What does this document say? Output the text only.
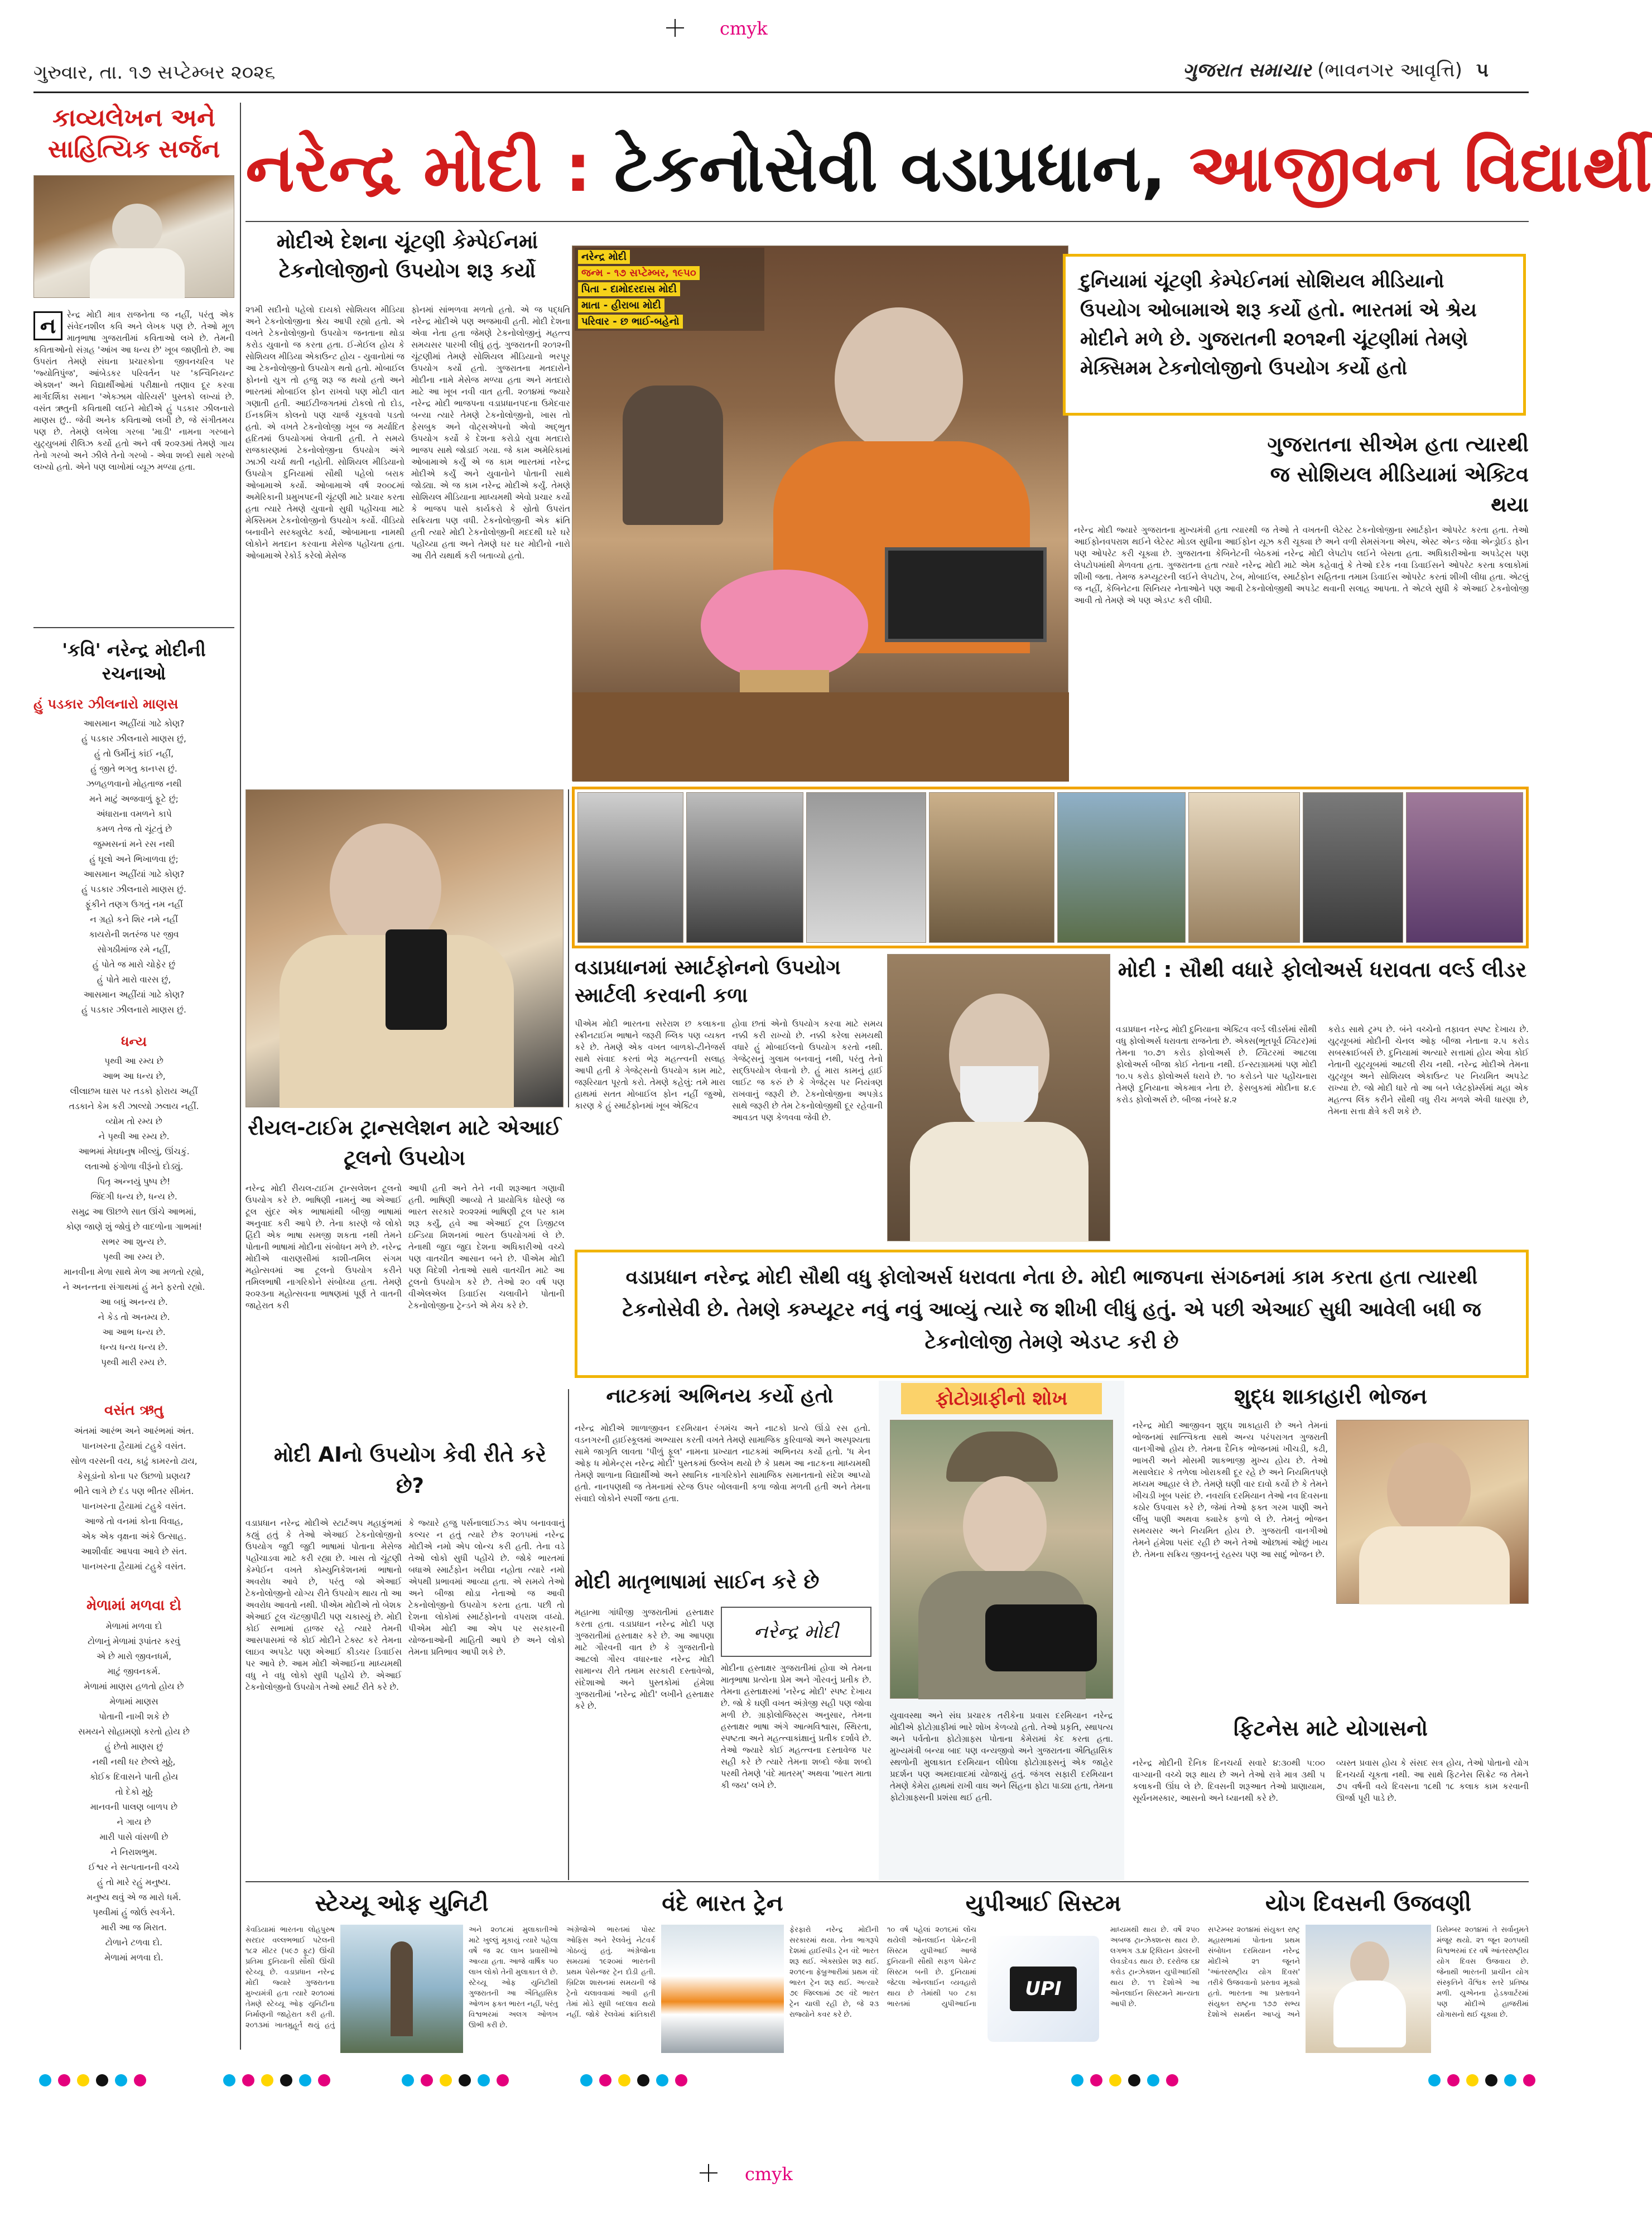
cmyk
ગુરુવાર, તા. ૧૭ સપ્ટેમ્બર ૨૦૨૬	ગુજરાત સમાચાર (ભાવનગર આવૃત્તિ) ૫
કાવ્યલેખન અને સાહિત્યિક સર્જન
ન	રેન્દ્ર મોદી માત્ર રાજનેતા જ નહીં, પરંતુ એક સંવેદનશીલ કવિ અને લેખક પણ છે. તેઓ મૂળ માતૃભાષા ગુજરાતીમાં કવિતાઓ લખે છે. તેમની કવિતાઓનો સંગ્રહ 'આંખ આ ધન્ય છે' ખૂબ જાણીતો છે. આ ઉપરાંત તેમણે સંઘના પ્રચારકોના જીવનચરિત્ર પર 'જ્યોતિપુંજ', આંબેડકર પરિવર્તન પર 'કન્વિનિયન્ટ એક્શન' અને વિદ્યાર્થીઓમાં પરીક્ષાનો તણાવ દૂર કરવા માર્ગદર્શિકા સમાન 'એક્ઝામ વોરિયર્સ' પુસ્તકો લખ્યાં છે. વસંત ઋતુની કવિતાથી લઈને મોદીએ હું પડકાર ઝીલનારો માણસ છું.. જેવી અનેક કવિતાઓ લખી છે, જે સંગીતમય પણ છે. તેમણે લખેલા ગરબા 'માડી' નામના ગરબાને યુટ્યુબમાં રીલિઝ કર્યો હતો અને વર્ષ ૨૦૨૩માં તેમણે ગાય તેનો ગરબો અને ઝીલે તેનો ગરબો - એવા શબ્દો સાથે ગરબો લખ્યો હતો. એને પણ લાખોમાં વ્યૂઝ મળ્યા હતા.
'કવિ' નરેન્દ્ર મોદીની રચનાઓ
હું પડકાર ઝીલનારો માણસ
આસમાન અહીંયાં ગાઢે કોણ?
હું પડકાર ઝીલનારો માણસ છું,
હું તો ઉર્મીનું કાંઈ નહીં,
હું જીતે ભગતુ કાનપ્સ છું.
ઝળહળવાનો મોહતાજ નથી
મને માટું અજવાળું ફૂટે છું;
અંધારાના વમળને કાપે
કમળ તેજ તો ચૂંટતું છે
જુમ્મસનાં મને રસ નથી
હું ઘૂલો અને ભિખાળવા છું;
આસમાન અહીંયાં ગાઢે કોણ?
હું પડકાર ઝીલનારો માણસ છું.
ફૂંકીને તણગ ઉગતું નમ નહીં
ન ગ્રહો કને શિર નમે નહીં
કાયરોની શતરંજ પર જીવ
સોગઠીમાંજ રમે નહીં,
હું પોતે જ મારો ચોફેર છું
હું પોતે મારો વારસ છું,
આસમાન અહીંયાં ગાઢે કોણ?
હું પડકાર ઝીલનારો માણસ છું.
ધન્ય
પૃથ્વી આ રમ્ય છે
આભ આ ધન્ય છે,
લીલાછમ ઘાસ પર તડકો ફોરાય અહીં
તડકાને કેમ કરી ઝાલ્યો ઝલાય નહીં.
વ્યોમ તો રમ્ય છે
ને પૃથ્વી આ રમ્ય છે.
આભમાં મેઘધનુષ ખીલ્યું, ઊંચકું.
લતાઓ ફંગોળા વીરૂંનો દોડ્યું.
પિતૃ અન્નયું પુષ્પ છે!
જિંદગી ધન્ય છે, ધન્ય છે.
સમુદ્ર આ ઊછળે સાત ઊંચે આભમાં,
કોણ જાણે શું જોવું છે વાદળોના ગાભમાં!
સભર આ શુન્ય છે.
પૃથ્વી આ રમ્ય છે.
માનવીના મેળા સાથે મેળ આ મળતો રહ્યો,
ને અનન્તના સંગાથમાં હું મને ફરતો રહ્યો.
આ બધું અનન્ય છે.
ને કેડ તો અનમ્ય છે.
આ આભ ધન્ય છે.
ધન્ય ધન્ય ધન્ય છે.
પૃથ્વી મારી રમ્ય છે.
વસંત ઋતુ
અંતમાં આરંભ અને આરંભમાં અંત.
પાનખરના હૈયામાં ટહુકે વસંત.
સોળ વરસની વય, કાઢું કામરનો ઢાય,
કેસૂડાંનો કોના પર ઉછળો પ્રણય?
ભીતે લાગે છે દંડ પણ ભીતર સીમંત.
પાનખરના હૈયામાં ટહુકે વસંત.
આજે તો વનમાં કોના વિવાહ,
એક એક વૃક્ષના અંકે ઉત્સાહ.
આશીર્વાદ આપવા આવે છે સંત.
પાનખરના હૈયામાં ટહુકે વસંત.
મેળામાં મળવા દો
મેળામાં મળવા દો
ટોળાનું મેળામાં રૂપાંતર કરવું
એ છે મારો જીવનધર્મ,
માટું જીવનકર્મ.
મેળામાં માણસ હળતો હોય છે
મેળામાં માણસ
પોતાની નાખી શકે છે
સમયને સોહામણો કરતો હોય છે
હું છેતો માણસ છું
નથી નથી ધર છેલ્લે મુઠ્ઠે,
કોઈક દિવાસને પાતી હોય
તો દેકો મુઠ્ઠે
માનવની પાલણ બાળપ છે
ને ગાય છે
મારી પાસે વાંસળી છે
ને નિરાશભુમ.
ઈશ્વર ને સત્પતાનની વચ્ચે
હું તો મારે રહું મનુષ્ય.
મનુષ્ય થવું એ જ મારો ધર્મ.
પૃથ્વીમાં હું જોઉં સ્વર્ગને.
મારી આ જ મિરાત.
ટોળાને ટળવા દો.
મેળામાં મળવા દો.
નરેન્દ્ર મોદી : ટેકનોસેવી વડાપ્રધાન, આજીવન વિદ્યાર્થી
મોદીએ દેશના ચૂંટણી કેમ્પેઈનમાં ટેકનોલોજીનો ઉપયોગ શરૂ કર્યો
૨૧મી સદીનો પહેલો દાયકો સોશિયલ મીડિયા અને ટેકનોલોજીના શ્રેય આપી રહ્યો હતો. એ વખતે ટેકનોલોજીનો ઉપયોગ જનતાના થોડા કરોડ યુવાનો જ કરતા હતા. ઈ-મેઈલ હોય કે સોશિયલ મીડિયા એકાઉન્ટ હોય - યુવાનોમાં જ આ ટેકનોલોજીનો ઉપયોગ થતો હતો. મોબાઈલ ફોનનો યુગ તો હજુ શરૂ જ થયો હતો અને ભારતમાં મોબાઈલ ફોન રાખવો પણ મોટી વાત ગણાતી હતી. આઈટીજગતમાં ટોકલો તો દોડ, ઈનકમિંગ કોલનો પણ ચાર્જ ચૂકવવો પડતો હતો. એ વખતે ટેકનોલોજી ખૂબ જ મર્યાદિત હદિતમાં ઉપયોગમાં લેવાતી હતી. તે સમયે રાજકારણમાં ટેકનોલોજીના ઉપયોગ અંગે ઝાઝી ચર્ચા થતી નહોતી. સોશિયલ મીડિયાનો ઉપયોગ દુનિયામાં સૌથી પહેલો બરાક ઓબામાએ કર્યો. ઓબામાએ વર્ષ ૨૦૦૮માં અમેરિકાની પ્રમુખપદની ચૂંટણી માટે પ્રચાર કરતા હતા ત્યારે તેમણે યુવાનો સુધી પહોંચવા માટે મેક્સિમમ ટેકનોલોજીનો ઉપયોગ કર્યો. વીડિયો બનાવીને સરક્યુલેટ કર્યા, ઓબામાના નામથી લોકોને મતદાન કરવાના મેસેજ પહોંચતા હતા. ઓબામાએ રેકોર્ડ કરેલો મેસેજ
ફોનમાં સાંભળવા મળતો હતો. એ જ પદ્ધતિ નરેન્દ્ર મોદીએ પણ અજમાવી હતી. મોદી દેશના એવા નેતા હતા જેમણે ટેકનોલોજીનું મહત્ત્વ સમયસર પારખી લીધું હતું. ગુજરાતની ૨૦૧૨ની ચૂંટણીમાં તેમણે સોશિયલ મીડિયાનો ભરપૂર ઉપયોગ કર્યો હતો. ગુજરાતના મતદારોને મોદીના નામે મેસેજ મળ્યા હતા અને મતદારો માટે આ ખૂબ નવી વાત હતી. ૨૦૧૪માં જ્યારે નરેન્દ્ર મોદી ભાજપના વડાપ્રધાનપદના ઉમેદવાર બન્યા ત્યારે તેમણે ટેકનોલોજીનો, ખાસ તો ફેસબુક અને વોટ્સએપનો એવો અદ્ભુત ઉપયોગ કર્યો કે દેશના કરોડો યુવા મતદારો ભાજપ સાથે જોડાઈ ગયા. જે કામ અમેરિકામાં ઓબામાએ કર્યું એ જ કામ ભારતમાં નરેન્દ્ર મોદીએ કર્યું અને યુવાનોને પોતાની સાથે જોડ્યા. એ જ કામ નરેન્દ્ર મોદીએ કર્યું. તેમણે સોશિયલ મીડિયાના માધ્યમથી એવો પ્રચાર કર્યો કે ભાજપ પાસે કાર્યકરો કે સ્રોતો ઉપરાંત સક્રિયતા પણ વધી. ટેકનોલોજીની એક ક્રાંતિ હતી ત્યારે મોદી ટેકનોલોજીની મદદથી ઘરે ઘરે પહોંચ્યા હતા અને તેમણે ઘર ઘર મોદીનો નારો આ રીતે યથાર્થ કરી બતાવ્યો હતો.
નરેન્દ્ર મોદી
જન્મ - ૧૭ સપ્ટેમ્બર, ૧૯૫૦
પિતા - દામોદરદાસ મોદી
માતા - હીરાબા મોદી
પરિવાર - છ ભાઈ-બહેનો
દુનિયામાં ચૂંટણી કેમ્પેઈનમાં સોશિયલ મીડિયાનો ઉપયોગ ઓબામાએ શરૂ કર્યો હતો. ભારતમાં એ શ્રેય મોદીને મળે છે. ગુજરાતની ૨૦૧૨ની ચૂંટણીમાં તેમણે મેક્સિમમ ટેકનોલોજીનો ઉપયોગ કર્યો હતો
ગુજરાતના સીએમ હતા ત્યારથી જ સોશિયલ મીડિયામાં એક્ટિવ થયા
નરેન્દ્ર મોદી જ્યારે ગુજરાતના મુખ્યમંત્રી હતા ત્યારથી જ તેઓ તે વખતની લેટેસ્ટ ટેકનોલોજીના સ્માર્ટફોન ઓપરેટ કરતા હતા. તેઓ આઈફોનવપરાશ થઈને લેટેસ્ટ મોડલ સુધીના આઈફોન યૂઝ કરી ચૂક્યા છે અને વળી સેમસંગના એસ્પ, એસ્ટ એન્ડ જેવા એન્ડ્રોઈડ ફોન પણ ઓપરેટ કરી ચૂક્યા છે. ગુજરાતના કેબિનેટની બેઠકમાં નરેન્દ્ર મોદી લેપટોપ લઈને બેસતા હતા. અધિકારીઓના અપડેટ્સ પણ લેપટોપમાંથી મેળવતા હતા. ગુજરાતના હતા ત્યારે નરેન્દ્ર મોદી માટે એમ કહેવાતું કે તેઓ દરેક નવા ડિવાઈસને ઓપરેટ કરતા કલાકોમાં શીખી જતા. તેમજ કમ્પ્યૂટરની લઈને લેપટોપ, ટેબ, મોબાઈલ, સ્માર્ટફોન સહિતના તમામ ડિવાઈસ ઓપરેટ કરતાં શીખી લીધા હતા. એટલું જ નહીં, કેબિનેટના સિનિયર નેતાઓને પણ આવી ટેકનોલોજીથી અપડેટ થવાની સલાહ આપતા. તે એટલે સુધી કે એઆઈ ટેકનોલોજી આવી તો તેમણે એ પણ એડપ્ટ કરી લીધી.
વડાપ્રધાનમાં સ્માર્ટફોનનો ઉપયોગ સ્માર્ટલી કરવાની કળા
પીએમ મોદી ભારતના સરેરાશ છ કલાકના સ્ક્રીનટાઈમ ભાષાને જરૂરી બ્લિક પણ વ્યક્ત કરે છે. તેમણે એક વખત બાળકો-ટીનેજર્સ સાથે સંવાદ કરતાં ભેરૂ મહત્ત્વની સલાહ આપી હતી કે ગેજેટ્સનો ઉપયોગ કામ માટે, જરૂરિયાત પૂરતો કરો. તેમણે કહેલું: તમે મારા હાથમાં સતત મોબાઈલ ફોન નહીં જુઓ, કારણ કે હું સ્માર્ટફોનમાં ખૂબ એક્ટિવ
હોવા છતાં એનો ઉપયોગ કરવા માટે સમય નક્કી કરી રાખ્યો છે. નક્કી કરેલા સમયથી વધારે હું મોબાઈલનો ઉપયોગ કરતો નથી. ગેજેટ્સનું ગુલામ બનવાનું નથી, પરંતુ તેનો સદ્ઉપયોગ લેવાનો છે. હું મારા કામનું હાઈ લાઈટ જ કરું છે કે ગેજેટ્સ પર નિયંત્રણ રાખવાનું જરૂરી છે. ટેકનોલોજીના અપગ્રેડ સાથે જરૂરી છે તેમ ટેકનોલોજીથી દૂર રહેવાની આવડત પણ કેળવવા જેવી છે.
મોદી : સૌથી વધારે ફોલોઅર્સ ધરાવતા વર્લ્ડ લીડર
વડાપ્રધાન નરેન્દ્ર મોદી દુનિયાના એક્ટિવ વર્લ્ડ લીડર્સમાં સૌથી વધુ ફોલોઅર્સ ધરાવતા રાજનેતા છે. એક્સ(ભૂતપૂર્વ ટ્વિટર)માં તેમના ૧૦.૭૧ કરોડ ફોલોઅર્સ છે. ટ્વિટરમાં આટલા ફોલોઅર્સ બીજા કોઈ નેતાના નથી. ઈન્સ્ટાગ્રામમાં પણ મોદી ૧૦.૫ કરોડ ફોલોઅર્સ ધરાવે છે. ૧૦ કરોડને પાર પહોંચનારા તેમણે દુનિયાના એકમાત્ર નેતા છે. ફેસબુકમાં મોદીના ૪.૯ કરોડ ફોલોઅર્સ છે. બીજા નંબરે ૪.૨
કરોડ સાથે ટ્રમ્પ છે. બંને વચ્ચેનો તફાવત સ્પષ્ટ દેખાય છે. યુટ્યૂબમાં મોદીની ચેનલ ઓફ બીજા નેતાના ૨.૫ કરોડ સબસ્ક્રાઈબર્સ છે. દુનિયામાં અત્યારે સત્તામાં હોય એવા કોઈ નેતાની યુટ્યૂબમાં આટલી રીચ નથી. નરેન્દ્ર મોદીએ તેમના યુટ્યૂબ અને સોશિયલ એકાઉન્ટ પર નિયમિત અપડેટ રાખ્યા છે. જો મોદી ધારે તો આ બને પ્લેટફોર્મ્સમાં મહા એક મહત્ત્વ લિંક કરીને સૌથી વધુ રીચ મળશે એવી ધારણા છે, તેમના સત્તા ક્ષેત્રે કરી શકે છે.
રીયલ-ટાઈમ ટ્રાન્સલેશન માટે એઆઈ ટૂલનો ઉપયોગ
નરેન્દ્ર મોદી રીયલ-ટાઈમ ટ્રાન્સલેશન ટૂલનો ઉપયોગ કરે છે. ભાષિણી નામનું આ એઆઈ ટૂલ સુંદર એક ભાષામાંથી બીજી ભાષામાં અનુવાદ કરી આપે છે. તેના કારણે જે લોકો હિંદી એક ભાષા સમજી શકતા નથી તેમને પોતાની ભાષામાં મોદીના સંબોધન મળે છે. નરેન્દ્ર મોદીએ વારાણસીમાં કાશી-તમિલ સંગમ મહોત્સવમાં આ ટૂલનો ઉપયોગ કરીને તમિલભાષી નાગરિકોને સંબોધ્યા હતા. તેમણે ૨૦૨૩ના મહોત્સવના ભાષણમાં પૂર્ણ તે વાતની જાહેરાત કરી
આપી હતી અને તેને નવી શરૂઆત ગણાવી હતી. ભાષિણી આવ્યો તે પ્રાયોગિક ધોરણે જ ભારત સરકારે ૨૦૨૨માં ભાષિણી ટૂલ પર કામ શરૂ કર્યું, હવે આ એઆઈ ટૂલ ડિજીટલ ઇન્ડિયા મિશનમાં ભારત ઉપયોગમાં લે છે. તેનાથી જુદા જુદા દેશના અધિકારીઓ વચ્ચે પણ વાતચીત આસાન બને છે. પીએમ મોદી પણ વિદેશી નેતાઓ સાથે વાતચીત માટે આ ટૂલનો ઉપયોગ કરે છે. તેઓ ૨૦ વર્ષ પણ વીએલએલ ડિવાઈસ ચલાવીને પોતાની ટેકનોલોજીના ટ્રેન્ડને એ મેચ કરે છે.
વડાપ્રધાન નરેન્દ્ર મોદી સૌથી વધુ ફોલોઅર્સ ધરાવતા નેતા છે. મોદી ભાજપના સંગઠનમાં કામ કરતા હતા ત્યારથી ટેકનોસેવી છે. તેમણે કમ્પ્યૂટર નવું નવું આવ્યું ત્યારે જ શીખી લીધું હતું. એ પછી એઆઈ સુધી આવેલી બધી જ ટેકનોલોજી તેમણે એડપ્ટ કરી છે
નાટકમાં અભિનય કર્યો હતો
નરેન્દ્ર મોદીએ શાળાજીવન દરમિયાન રંગમંચ અને નાટકો પ્રત્યે ઊંડો રસ હતો. વડનગરની હાઈસ્કૂલમાં અભ્યાસ કરતી વખતે તેમણે સામાજિક કુરિવાજો અને અસ્પૃશ્યતા સામે જાગૃતિ લાવતા 'પીળું ફૂલ' નામના પ્રખ્યાત નાટકમાં અભિનય કર્યો હતો. 'ધ મેન ઓફ ધ મોમેન્ટ્સ નરેન્દ્ર મોદી' પુસ્તકમાં ઉલ્લેખ થયો છે કે પ્રથમ આ નાટકના માધ્યમથી તેમણે શાળાના વિદ્યાર્થીઓ અને સ્થાનિક નાગરિકોને સામાજિક સમાનતાનો સંદેશ આપ્યો હતો. નાનપણથી જ તેમનામાં સ્ટેજ ઉપર બોલવાની કળા જોવા મળતી હતી અને તેમના સંવાદો લોકોને સ્પર્શી જતા હતા.
મોદી AIનો ઉપયોગ કેવી રીતે કરે છે?
વડાપ્રધાન નરેન્દ્ર મોદીએ સ્ટાર્ટઅપ મહાકુંભમાં કહ્યું હતું કે તેઓ એઆઈ ટેકનોલોજીનો ઉપયોગ જુદી જુદી ભાષામાં પોતાના મેસેજ પહોંચાડવા માટે કરી રહ્યા છે. ખાસ તો ચૂંટણી કેમ્પેઈન વખતે કોમ્યુનિકેશનમાં ભાષાનો અવરોધ આવે છે, પરંતુ જો એઆઈ ટેકનોલોજીનો યોગ્ય રીતે ઉપયોગ થાય તો આ અવરોધ આવતો નથી. પીએમ મોદીએ તો બેશક એઆઈ ટૂલ ચૅટજીપીટી પણ ચકાસ્યું છે. મોદી કોઈ સભામાં હાજર રહે ત્યારે તેમની આસપાસમાં જે કોઈ મોદીને ટેક્સ્ટ કરે તેમના લાઇવ અપડેટ પણ એઆઈ કીડચર ડિવાઈસ પર આવે છે. આમ મોદી એઆઈના માધ્યમથી વધુ ને વધુ લોકો સુધી પહોંચે છે. એઆઈ ટેકનોલોજીનો ઉપયોગ તેઓ સ્માર્ટ રીતે કરે છે.
કે જ્યારે હજુ પર્સનાલાઈઝ્ડ એપ બનાવવાનું કલ્ચર ન હતું ત્યારે છેક ૨૦૧૫માં નરેન્દ્ર મોદીએ નમો એપ લોન્ચ કરી હતી. તેના વડે તેઓ લોકો સુધી પહોંચે છે. જોકે ભારતમાં બધાએ સ્માર્ટફોન ખરીદ્યા નહોતા ત્યારે નમો એપથી પ્રભાવમાં આવ્યા હતા. એ સમયે તેઓ અને બીજા થોડા નેતાઓ જ આવી ટેકનોલોજીનો ઉપયોગ કરતા હતા. પછી તો દેશના લોકોમાં સ્માર્ટફોનનો વપરાશ વધ્યો. પીએમ મોદી આ એપ પર સરકારની યોજનાઓની માહિતી આપે છે અને લોકો તેમના પ્રતિભાવ આપી શકે છે.
ફોટોગ્રાફીનો શોખ
યુવાવસ્થા અને સંઘ પ્રચારક તરીકેના પ્રવાસ દરમિયાન નરેન્દ્ર મોદીએ ફોટોગ્રાફીમાં ભારે શોખ કેળવ્યો હતો. તેઓ પ્રકૃતિ, સ્થાપત્ય અને પર્વતોના ફોટોગ્રાફ્સ પોતાના કેમેરામાં કેદ કરતા હતા. મુખ્યમંત્રી બન્યા બાદ પણ વન્યજીવો અને ગુજરાતના ઐતિહાસિક સ્થળોની મુલાકાત દરમિયાન લીધેલા ફોટોગ્રાફ્સનું એક જાહેર પ્રદર્શન પણ અમદાવાદમાં યોજાયું હતું. જંગલ સફારી દરમિયાન તેમણે કેમેરા હાથમાં રાખી વાઘ અને સિંહના ફોટા પાડ્યા હતા, તેમના ફોટોગ્રાફ્સની પ્રશંસા થઈ હતી.
મોદી માતૃભાષામાં સાઈન કરે છે
મહાત્મા ગાંધીજી ગુજરાતીમાં હસ્તાક્ષર કરતા હતા. વડાપ્રધાન નરેન્દ્ર મોદી પણ ગુજરાતીમાં હસ્તાક્ષર કરે છે. આ આપણા માટે ગૌરવની વાત છે કે ગુજરાતીનો આટલો ગૌરવ વધારનાર નરેન્દ્ર મોદી સામાન્ય રીતે તમામ સરકારી દસ્તાવેજો, સંદેશાઓ અને પુસ્તકોમાં હંમેશા ગુજરાતીમાં 'નરેન્દ્ર મોદી' લખીને હસ્તાક્ષર કરે છે.
નરેન્દ્ર મોદી
મોદીના હસ્તાક્ષર ગુજરાતીમાં હોવા એ તેમના માતૃભાષા પ્રત્યેના પ્રેમ અને ગૌરવનું પ્રતીક છે. તેમના હસ્તાક્ષરમાં 'નરેન્દ્ર મોદી' સ્પષ્ટ દેખાય છે. જો કે ઘણી વખત અંગ્રેજી સહી પણ જોવા મળી છે. ગ્રાફોલોજિસ્ટ્સ અનુસાર, તેમના હસ્તાક્ષર ભાષા અંગે આત્મવિશ્વાસ, સ્થિરતા, સ્પષ્ટતા અને મહત્ત્વાકાંક્ષાનું પ્રતીક દર્શાવે છે. તેઓ જ્યારે કોઈ મહત્ત્વના દસ્તાવેજ પર સહી કરે છે ત્યારે તેમના શબ્દો જેવા શબ્દો પરથી તેમણે 'વંદે માતરમ્' અથવા 'ભારત માતા કી જય' લખે છે.
શુદ્ધ શાકાહારી ભોજન
નરેન્દ્ર મોદી આજીવન શુદ્ધ શાકાહારી છે અને તેમનાં ભોજનમાં સાત્ત્વિકતા સાથે અન્ય પરંપરાગત ગુજરાતી વાનગીઓ હોય છે. તેમના દૈનિક ભોજનમાં ખીચડી, કઢી, ભાખરી અને મોસમી શાકભાજી મુખ્ય હોય છે. તેઓ મસાલેદાર કે તળેલા ખોરાકથી દૂર રહે છે અને નિયમિતપણે મધ્યમ આહાર લે છે. તેમણે ઘણી વાર દાવો કર્યો છે કે તેમને ખીચડી ખૂબ પસંદ છે. નવરાત્રિ દરમિયાન તેઓ નવ દિવસના કઠોર ઉપવાસ કરે છે, જેમાં તેઓ ફક્ત ગરમ પાણી અને લીંબુ પાણી અથવા ક્યારેક ફળો લે છે. તેમનું ભોજન સમયસર અને નિયમિત હોય છે. ગુજરાતી વાનગીઓ તેમને હંમેશા પસંદ રહી છે અને તેઓ ઓછામાં ઓછું ખાય છે. તેમના સક્રિય જીવનનું રહસ્ય પણ આ સાદું ભોજન છે.
ફિટનેસ માટે યોગાસનો
નરેન્દ્ર મોદીની દૈનિક દિનચર્યા સવારે ૪:૩૦થી ૫:૦૦ વાગ્યાની વચ્ચે શરૂ થાય છે અને તેઓ રાત્રે માત્ર ૩થી ૫ કલાકની ઊંઘ લે છે. દિવસની શરૂઆત તેઓ પ્રાણાયામ, સૂર્યનમસ્કાર, આસનો અને ધ્યાનથી કરે છે.
વ્યસ્ત પ્રવાસ હોય કે સંસદ સત્ર હોય, તેઓ પોતાનો યોગ દિનચર્યા ચૂકતા નથી. આ સાથે ફિટનેસ સિક્રેટ જ તેમને ૭૫ વર્ષની વયે દિવસના ૧૮થી ૧૮ કલાક કામ કરવાની ઊર્જા પૂરી પાડે છે.
સ્ટેચ્યૂ ઓફ યુનિટી
કેવડિયામાં ભારતના લોહપુરુષ સરદાર વલ્લભભાઈ પટેલની ૧૮૨ મીટર (૫૯૭ ફૂટ) ઊંચી પ્રતિમા દુનિયાની સૌથી ઊંચી સ્ટેચ્યૂ છે. વડાપ્રધાન નરેન્દ્ર મોદી જ્યારે ગુજરાતના મુખ્યમંત્રી હતા ત્યારે ૨૦૧૦માં તેમણે સ્ટેચ્યૂ ઓફ યુનિટીના નિર્માણની જાહેરાત કરી હતી. ૨૦૧૩માં ખાતમુહૂર્ત થયું હતું અને ૨૦૧૮માં મુલાકાતીઓ માટે ખુલ્લું મૂકાયું ત્યારે પહેલા વર્ષે જ ૨૮ લાખ પ્રવાસીઓ આવ્યા હતા. આજે વાર્ષિક ૫૦ લાખ લોકો તેની મુલાકાત લે છે. સ્ટેચ્યૂ ઓફ યુનિટીથી ગુજરાતની આ ઐતિહાસિક ઓળખ ફક્ત ભારત નહીં, પરંતુ વિશ્વભરમાં અલગ ઓળખ ઊભી કરી છે.
વંદે ભારત ટ્રેન
અંગ્રેજોએ ભારતમાં પોસ્ટ ઓફિસ અને રેલવેનું નેટવર્ક ગોઠવ્યું હતું. અંગ્રેજોના સમયમાં ૧૯૨૦માં ભારતની પ્રથમ પેસેન્જર ટ્રેન દોડી હતી. બ્રિટિશ શાસનમાં સમયની જે ટ્રેનો ચલાવવામાં આવી હતી તેમાં મોડે સુધી બદલાવ થયો નહીં. જોકે રેલવેમાં ક્રાંતિકારી ફેરફારો નરેન્દ્ર મોદીની સરકારમાં થયા. તેના ભાગરૂપે દેશમાં હાઈસ્પીડ ટ્રેન વંદે ભારત શરૂ થઈ. એક્સપ્રેસ શરૂ થઈ. ૨૦૧૯ના ફેબ્રુઆરીમાં પ્રથમ વંદે ભારત ટ્રેન શરૂ થઈ. અત્યારે ૭૯ જિલ્લામાં ૭૯ વંદે ભારત ટ્રેન ચાલી રહી છે, જે ૨૩ રાજ્યોને કવર કરે છે.
યુપીઆઈ સિસ્ટમ
UPI
૧૦ વર્ષ પહેલાં ૨૦૧૬માં લોંચ થયેલી ઓનલાઈન પેમેન્ટની સિસ્ટમ યુપીઆઈ આજે દુનિયાની સૌથી સફળ પેમેન્ટ સિસ્ટમ બની છે. દુનિયામાં જેટલા ઓનલાઈન વ્યવહારો થાય છે તેમાંથી ૫૦ ટકા ભારતમાં યુપીઆઈના માધ્યમથી થાય છે. વર્ષે ૨૫૦ અબજ ટ્રાન્ઝેક્શન્સ થાય છે. લગભગ ૩.૪ ટ્રિલિયન ડોલરની લેવડદેવડ થાય છે. દરરોજ ૬૪ કરોડ ટ્રાન્ઝેક્શન યુપીઆઈથી થાય છે. ૧૧ દેશોએ આ ઓનલાઈન સિસ્ટમને માન્યતા આપી છે.
યોગ દિવસની ઉજવણી
સપ્ટેમ્બર ૨૦૧૪માં સંયુક્ત રાષ્ટ્ર મહાસભામાં પોતાના પ્રથમ સંબોધન દરમિયાન નરેન્દ્ર મોદીએ ૨૧ જૂનને 'આંતરરાષ્ટ્રીય યોગ દિવસ' તરીકે ઉજવવાનો પ્રસ્તાવ મૂક્યો હતો. ભારતના આ પ્રસ્તાવને સંયુક્ત રાષ્ટ્રના ૧૭૭ સભ્ય દેશોએ સમર્થન આપ્યું અને ડિસેમ્બર ૨૦૧૪માં તે સર્વાનુમતે મંજૂર થયો. ૨૧ જૂન ૨૦૧૫થી વિશ્વભરમાં દર વર્ષે આંતરરાષ્ટ્રીય યોગ દિવસ ઉજવાય છે. જેનાથી ભારતની પ્રાચીન યોગ સંસ્કૃતિને વૈશ્વિક સ્તરે પ્રતિષ્ઠા મળી. યુએનના હેડક્વાર્ટરમાં પણ મોદીએ હાજરીમાં યોગાસનો થઈ ચૂક્યા છે.
cmyk
